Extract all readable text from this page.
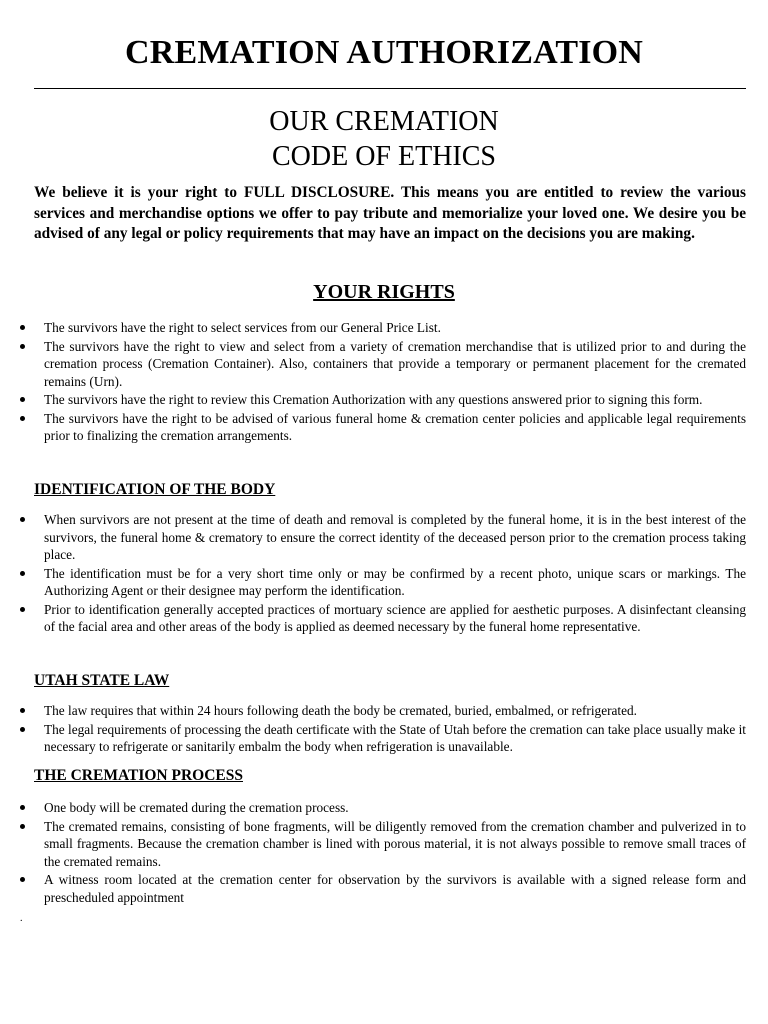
CREMATION AUTHORIZATION
OUR CREMATION
CODE OF ETHICS

We believe it is your right to FULL DISCLOSURE. This means you are entitled to review the various services and merchandise options we offer to pay tribute and memorialize your loved one. We desire you be advised of any legal or policy requirements that may have an impact on the decisions you are making.

YOUR RIGHTS
The survivors have the right to select services from our General Price List.
The survivors have the right to view and select from a variety of cremation merchandise that is utilized prior to and during the cremation process (Cremation Container). Also, containers that provide a temporary or permanent placement for the cremated remains (Urn).
The survivors have the right to review this Cremation Authorization with any questions answered prior to signing this form.
The survivors have the right to be advised of various funeral home & cremation center policies and applicable legal requirements prior to finalizing the cremation arrangements.
IDENTIFICATION OF THE BODY
When survivors are not present at the time of death and removal is completed by the funeral home, it is in the best interest of the survivors, the funeral home & crematory to ensure the correct identity of the deceased person prior to the cremation process taking place.
The identification must be for a very short time only or may be confirmed by a recent photo, unique scars or markings. The Authorizing Agent or their designee may perform the identification.
Prior to identification generally accepted practices of mortuary science are applied for aesthetic purposes. A disinfectant cleansing of the facial area and other areas of the body is applied as deemed necessary by the funeral home representative.
UTAH STATE LAW
The law requires that within 24 hours following death the body be cremated, buried, embalmed, or refrigerated.
The legal requirements of processing the death certificate with the State of Utah before the cremation can take place usually make it necessary to refrigerate or sanitarily embalm the body when refrigeration is unavailable.
THE CREMATION PROCESS
One body will be cremated during the cremation process.
The cremated remains, consisting of bone fragments, will be diligently removed from the cremation chamber and pulverized in to small fragments. Because the cremation chamber is lined with porous material, it is not always possible to remove small traces of the cremated remains.
A witness room located at the cremation center for observation by the survivors is available with a signed release form and prescheduled appointment
.
